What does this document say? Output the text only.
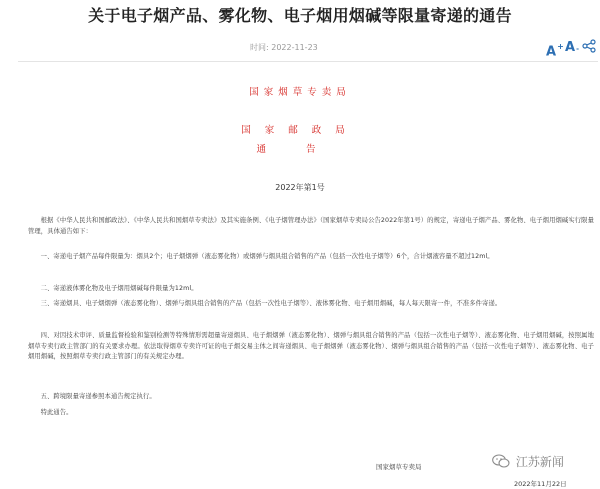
关于电子烟产品、雾化物、电子烟用烟碱等限量寄递的通告
时间: 2022-11-23	A+ A-
国家烟草专卖局
国家邮政局
通告
2022年第1号

根据《中华人民共和国邮政法》、《中华人民共和国烟草专卖法》及其实施条例、《电子烟管理办法》（国家烟草专卖局公告2022年第1号）的规定，寄递电子烟产品、雾化物、电子烟用烟碱实行限量管理，具体通告如下：

一、寄递电子烟产品每件限量为：烟具2个；电子烟烟弹（液态雾化物）或烟弹与烟具组合销售的产品（包括一次性电子烟等）6个，合计烟液容量不超过12ml。

二、寄递液体雾化物及电子烟用烟碱每件限量为12ml。

三、寄递烟具、电子烟烟弹（液态雾化物）、烟弹与烟具组合销售的产品（包括一次性电子烟等）、液体雾化物、电子烟用烟碱，每人每天限寄一件，不准多件寄递。

四、对因技术审评、质量监督检验和鉴别检测等特殊情形需超量寄递烟具、电子烟烟弹（液态雾化物）、烟弹与烟具组合销售的产品（包括一次性电子烟等）、液态雾化物、电子烟用烟碱，按照属地烟草专卖行政主管部门的有关要求办理。依法取得烟草专卖许可证的电子烟交易主体之间寄递烟具、电子烟烟弹（液态雾化物）、烟弹与烟具组合销售的产品（包括一次性电子烟等）、液态雾化物、电子烟用烟碱，按照烟草专卖行政主管部门的有关规定办理。

五、跨境限量寄递参照本通告规定执行。

特此通告。

国家烟草专卖局
2022年11月22日
江苏新闻
